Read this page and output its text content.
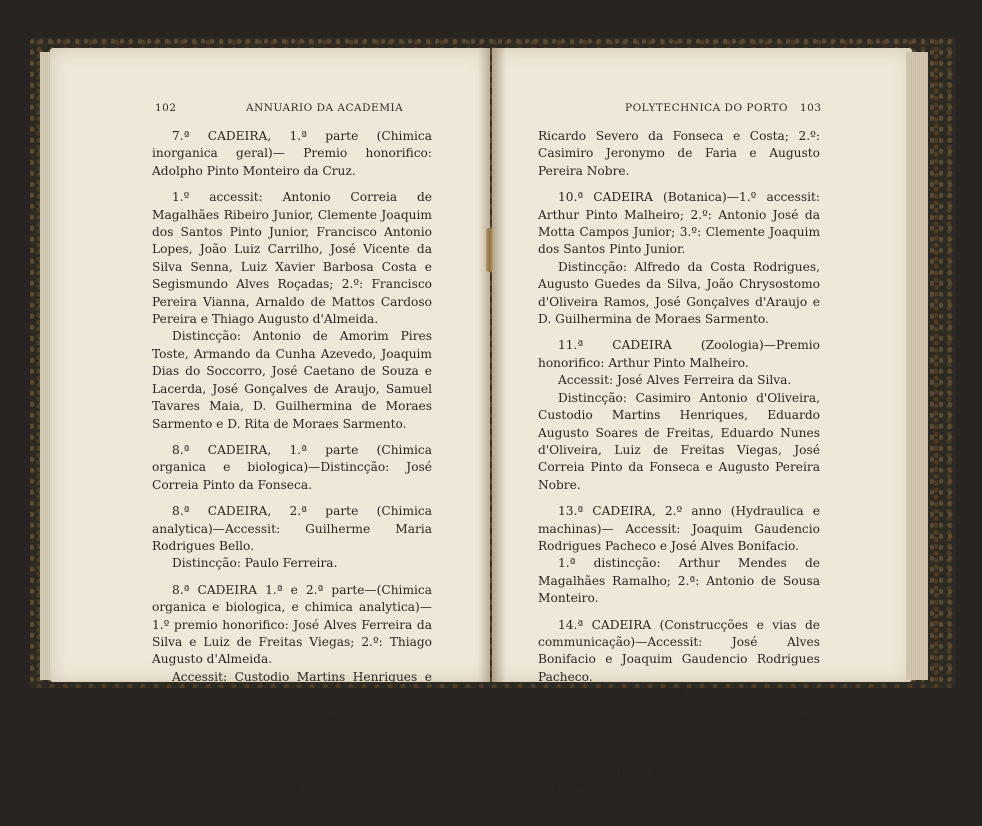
102	ANNUARIO DA ACADEMIA	POLYTECHNICA DO PORTO 103

7.ª CADEIRA, 1.ª parte (Chimica inorganica geral)— Premio honorifico: Adolpho Pinto Monteiro da Cruz.

1.º accessit: Antonio Correia de Magalhães Ribeiro Junior, Clemente Joaquim dos Santos Pinto Junior, Francisco Antonio Lopes, João Luiz Carrilho, José Vicente da Silva Senna, Luiz Xavier Barbosa Costa e Segismundo Alves Roçadas; 2.º: Francisco Pereira Vianna, Arnaldo de Mattos Cardoso Pereira e Thiago Augusto d'Almeida.

Distincção: Antonio de Amorim Pires Toste, Armando da Cunha Azevedo, Joaquim Dias do Soccorro, José Caetano de Souza e Lacerda, José Gonçalves de Araujo, Samuel Tavares Maia, D. Guilhermina de Moraes Sarmento e D. Rita de Moraes Sarmento.

8.ª CADEIRA, 1.ª parte (Chimica organica e biologica)—Distincção: José Correia Pinto da Fonseca.

8.ª CADEIRA, 2.ª parte (Chimica analytica)—Accessit: Guilherme Maria Rodrigues Bello.

Distincção: Paulo Ferreira.

8.ª CADEIRA 1.ª e 2.ª parte—(Chimica organica e biologica, e chimica analytica)— 1.º premio honorifico: José Alves Ferreira da Silva e Luiz de Freitas Viegas; 2.º: Thiago Augusto d'Almeida.

Accessit: Custodio Martins Henriques e Eduardo Nunes d'Oliveira.

Distincção: Henrique Carlos Rodrigues, Raul Larose Rocha e Vicente de Bessa.

9.ª CADEIRA—(Mineralogia, geologia e paleontologia)—1.º accessit: João Chrysostomo d'Oliveira Ramos e

Ricardo Severo da Fonseca e Costa; 2.º: Casimiro Jeronymo de Faria e Augusto Pereira Nobre.

10.ª CADEIRA (Botanica)—1.º accessit: Arthur Pinto Malheiro; 2.º: Antonio José da Motta Campos Junior; 3.º: Clemente Joaquim dos Santos Pinto Junior.

Distincção: Alfredo da Costa Rodrigues, Augusto Guedes da Silva, João Chrysostomo d'Oliveira Ramos, José Gonçalves d'Araujo e D. Guilhermina de Moraes Sarmento.

11.ª CADEIRA (Zoologia)—Premio honorifico: Arthur Pinto Malheiro.

Accessit: José Alves Ferreira da Silva.

Distincção: Casimiro Antonio d'Oliveira, Custodio Martins Henriques, Eduardo Augusto Soares de Freitas, Eduardo Nunes d'Oliveira, Luiz de Freitas Viegas, José Correia Pinto da Fonseca e Augusto Pereira Nobre.

13.ª CADEIRA, 2.º anno (Hydraulica e machinas)— Accessit: Joaquim Gaudencio Rodrigues Pacheco e José Alves Bonifacio.

1.ª distincção: Arthur Mendes de Magalhães Ramalho; 2.ª: Antonio de Sousa Monteiro.

14.ª CADEIRA (Construcções e vias de communicação)—Accessit: José Alves Bonifacio e Joaquim Gaudencio Rodrigues Pacheco.

1.ª distincção: Antonio de Sousa Monteiro; 2.ª: Arthur Mendes de Magalhães Ramalho; 3.ª: Ernesto Eugenio Alves de Sousa Junior.

18.ª CADEIRA, 2.ª parte (Desenho de architectura e aguadas)—Premio honorifico: Hugo de Noronha.
